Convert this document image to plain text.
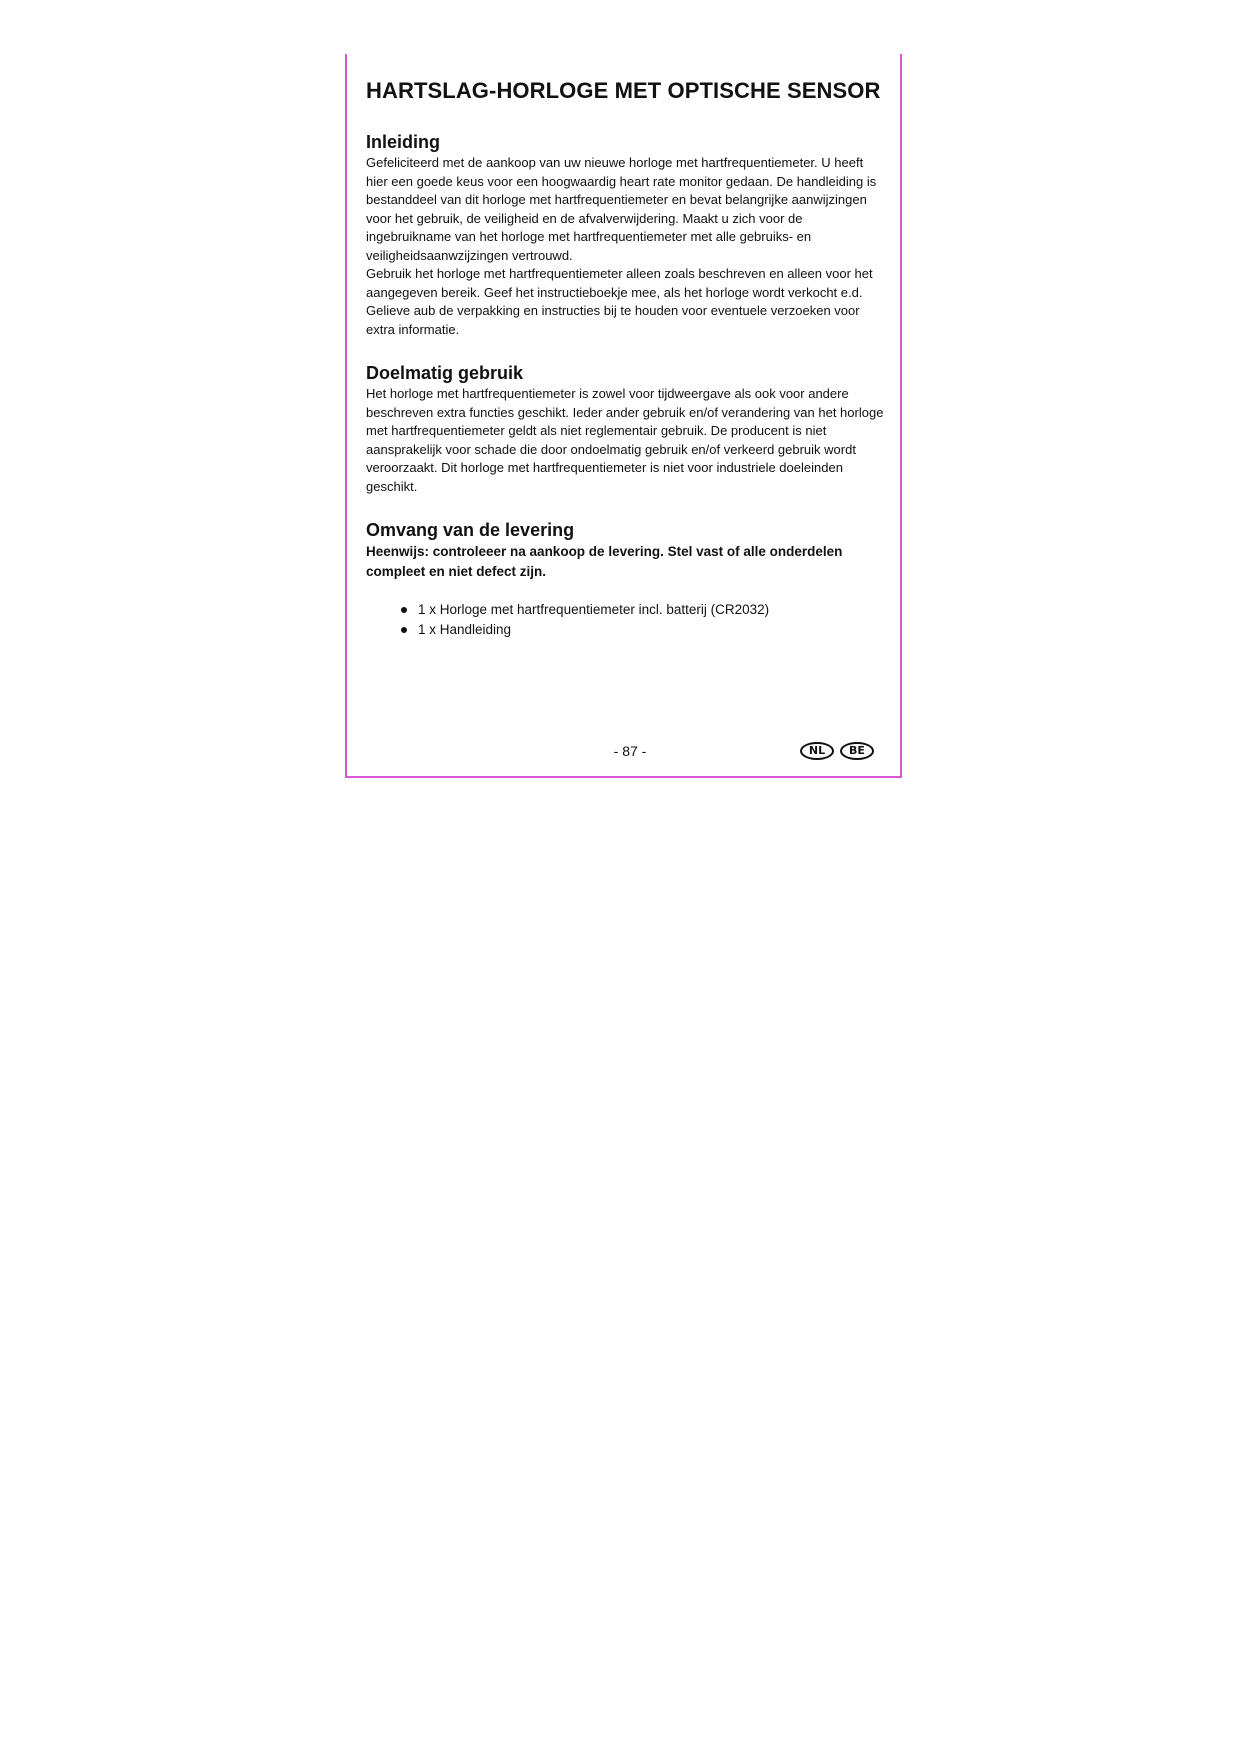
HARTSLAG-HORLOGE MET OPTISCHE SENSOR
Inleiding

Gefeliciteerd met de aankoop van uw nieuwe horloge met hartfrequentiemeter. U heeft hier een goede keus voor een hoogwaardig heart rate monitor gedaan. De handleiding is bestanddeel van dit horloge met hartfrequentiemeter en bevat belangrijke aanwijzingen voor het gebruik, de veiligheid en de afvalverwijdering. Maakt u zich voor de ingebruikname van het horloge met hartfrequentiemeter met alle gebruiks- en veiligheidsaanwzijzingen vertrouwd.

Gebruik het horloge met hartfrequentiemeter alleen zoals beschreven en alleen voor het aangegeven bereik. Geef het instructieboekje mee, als het horloge wordt verkocht e.d. Gelieve aub de verpakking en instructies bij te houden voor eventuele verzoeken voor extra informatie.

Doelmatig gebruik

Het horloge met hartfrequentiemeter is zowel voor tijdweergave als ook voor andere beschreven extra functies geschikt. Ieder ander gebruik en/of verandering van het horloge met hartfrequentiemeter geldt als niet reglementair gebruik. De producent is niet aansprakelijk voor schade die door ondoelmatig gebruik en/of verkeerd gebruik wordt veroorzaakt. Dit horloge met hartfrequentiemeter is niet voor industriele doeleinden geschikt.

Omvang van de levering

Heenwijs: controleeer na aankoop de levering. Stel vast of alle onderdelen compleet en niet defect zijn.

1 x Horloge met hartfrequentiemeter incl. batterij (CR2032)
1 x Handleiding
- 87 -	NL	BE
